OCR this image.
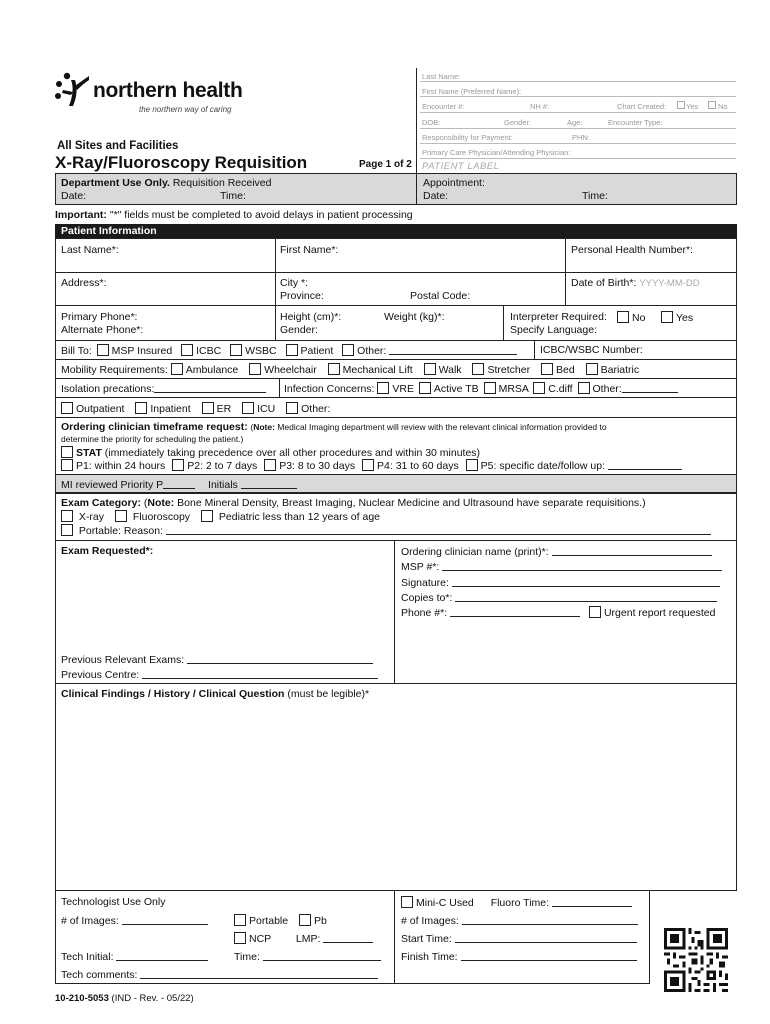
northern health
the northern way of caring
All Sites and Facilities
X-Ray/Fluoroscopy Requisition	Page 1 of 2
Last Name:
First Name (Preferred Name):
Encounter #:	NH #:	Chart Created:	Yes	No
DOB:	Gender:	Age:	Encounter Type:
Responsibility for Payment:	PHN:
Primary Care Physician/Attending Physician:
PATIENT LABEL
Department Use Only. Requisition Received
Date:	Time:
Appointment:
Date:	Time:
Important: "*" fields must be completed to avoid delays in patient processing
Patient Information
Last Name*:	First Name*:	Personal Health Number*:
Address*:	City *:
Province:	Postal Code:
Date of Birth*: YYYY-MM-DD
Primary Phone*:
Alternate Phone*:
Height (cm)*:	Weight (kg)*:
Gender:
Interpreter Required:	No	Yes
Specify Language:
Bill To: MSP Insured ICBC WSBC Patient Other:	ICBC/WSBC Number:
Mobility Requirements: Ambulance Wheelchair Mechanical Lift Walk Stretcher Bed Bariatric
Isolation precations:	Infection Concerns: VRE Active TB MRSA C.diff Other:
Outpatient Inpatient ER ICU Other:
Ordering clinician timeframe request: (Note: Medical Imaging department will review with the relevant clinical information provided to
determine the priority for scheduling the patient.)
STAT (immediately taking precedence over all other procedures and within 30 minutes)
P1: within 24 hours P2: 2 to 7 days P3: 8 to 30 days P4: 31 to 60 days P5: specific date/follow up:
MI reviewed Priority P	Initials
Exam Category: (Note: Bone Mineral Density, Breast Imaging, Nuclear Medicine and Ultrasound have separate requisitions.)
X-ray	Fluoroscopy	Pediatric less than 12 years of age
Portable: Reason:
Exam Requested*:
Previous Relevant Exams:
Previous Centre:
Ordering clinician name (print)*:
MSP #*:
Signature:
Copies to*:
Phone #*:	Urgent report requested
Clinical Findings / History / Clinical Question (must be legible)*
Technologist Use Only
# of Images:	Portable Pb
NCP LMP:
Tech Initial:	Time:
Tech comments:
Mini-C Used Fluoro Time:
# of Images:
Start Time:
Finish Time:
10-210-5053 (IND - Rev. - 05/22)
